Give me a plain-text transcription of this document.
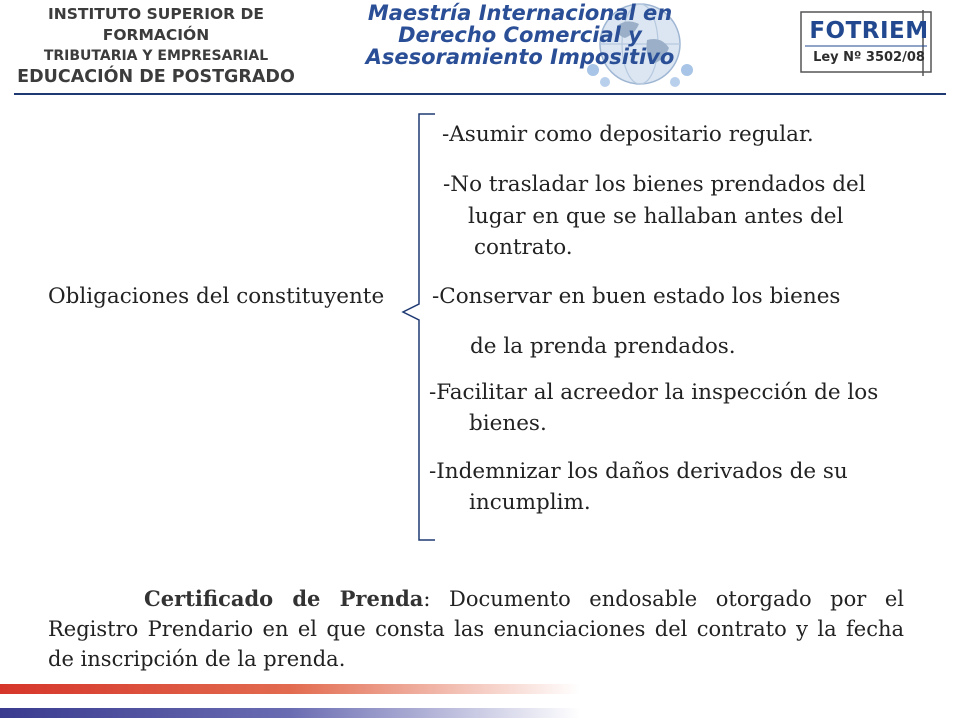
INSTITUTO SUPERIOR DE FORMACIÓN
TRIBUTARIA Y EMPRESARIAL
EDUCACIÓN DE POSTGRADO
Maestría Internacional en
Derecho Comercial y
Asesoramiento Impositivo
FOTRIEM
Ley Nº 3502/08
Obligaciones del constituyente
-Asumir como depositario regular.
-No trasladar los bienes prendados del
lugar en que se hallaban antes del
contrato.
-Conservar en buen estado los bienes
de la prenda prendados.
-Facilitar al acreedor la inspección de los
bienes.
-Indemnizar los daños derivados de su
incumplim.
Certificado de Prenda: Documento endosable otorgado por el Registro Prendario en el que consta las enunciaciones del contrato y la fecha de inscripción de la prenda.
